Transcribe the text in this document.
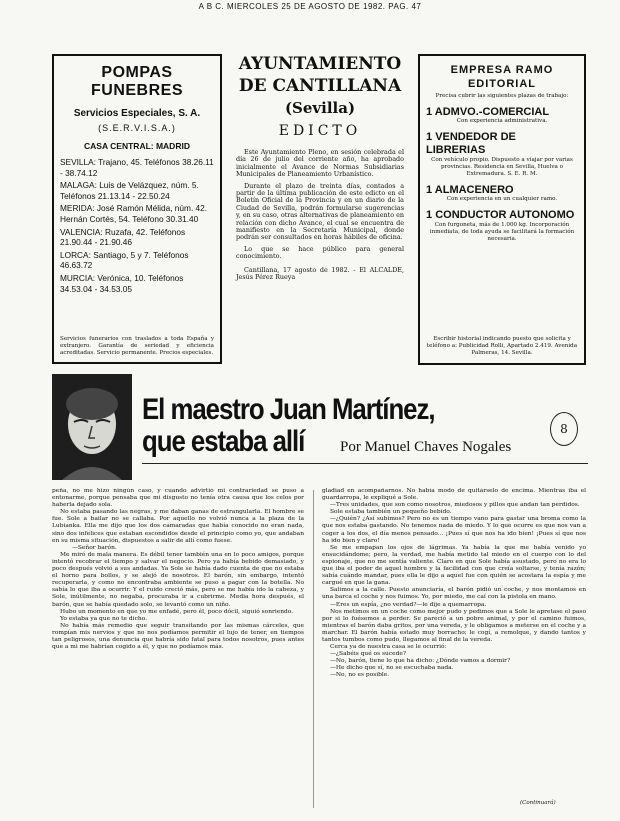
A B C. MIERCOLES 25 DE AGOSTO DE 1982. PAG. 47
POMPAS FUNEBRES
Servicios Especiales, S. A.
(S.E.R.V.I.S.A.)
CASA CENTRAL: MADRID

SEVILLA: Trajano, 45. Teléfonos 38.26.11 - 38.74.12

MALAGA: Luis de Velázquez, núm. 5. Teléfonos 21.13.14 - 22.50.24

MERIDA: José Ramón Mélida, núm. 42. Hernán Cortés, 54. Teléfono 30.31.40

VALENCIA: Ruzafa, 42. Teléfonos 21.90.44 - 21.90.46

LORCA: Santiago, 5 y 7. Teléfonos 46.63.72

MURCIA: Verónica, 10. Teléfonos 34.53.04 - 34.53.05

Servicios funerarios con traslados a toda España y extranjero. Garantía de seriedad y eficiencia acreditadas. Servicio permanente. Precios especiales.
AYUNTAMIENTO
DE CANTILLANA
(Sevilla)
EDICTO

Este Ayuntamiento Pleno, en sesión celebrada el día 26 de julio del corriente año, ha aprobado inicialmente el Avance de Normas Subsidiarias Municipales de Planeamiento Urbanístico.

Durante el plazo de treinta días, contados a partir de la última publicación de este edicto en el Boletín Oficial de la Provincia y en un diario de la Ciudad de Sevilla, podrán formularse sugerencias y, en su caso, otras alternativas de planeamiento en relación con dicho Avance, el cual se encuentra de manifiesto en la Secretaría Municipal, donde podrán ser consultados en horas hábiles de oficina.

Lo que se hace público para general conocimiento.

Cantillana, 17 agosto de 1982. - El ALCALDE, Jesús Pérez Rueya

EMPRESA RAMO
EDITORIAL
Precisa cubrir las siguientes plazas de trabajo:
1 ADMVO.-COMERCIAL
Con experiencia administrativa.
1 VENDEDOR DE LIBRERIAS
Con vehículo propio. Dispuesto a viajar por varias provincias. Residencia en Sevilla, Huelva o Extremadura. S. E. R. M.
1 ALMACENERO
Con experiencia en un cualquier ramo.
1 CONDUCTOR AUTONOMO
Con furgoneta, más de 1.000 kg. Incorporación inmediata, de toda ayuda se facilitará la formación necesaria.
Escribir historial indicando puesto que solicita y teléfono a: Publicidad Rolli, Apartado 2.419. Avenida Palmeras, 14. Sevilla.
El maestro Juan Martínez,
que estaba allí Por Manuel Chaves Nogales
8

peña, no me hizo ningún caso, y cuando advirtió mi contrariedad se puso a entonarme, porque pensaba que mi disgusto no tenía otra causa que los celos por haberla dejado sola.

No estaba pasando las negras, y me daban ganas de estrangularla. El hombre se fue. Sole a bailar no se callaba. Por aquello no volvió nunca a la plaza de la Lubianka. Ella me dijo que los dos camaradas que había conocido no eran nada, sino dos infelices que estaban escondidos desde el principio como yo, que andaban en su misma situación, dispuestos a salir de allí como fuese.

—Señor barón.

Me miró de mala manera. Es débil tener también una en lo poco amigos, porque intentó recobrar el tiempo y salvar el negocio. Pero ya había bebido demasiado, y poco después volvió a sus andadas. Ya Sole se había dado cuenta de que no estaba el horno para bollos, y se alejó de nosotros. El barón, sin embargo, intentó recuperarla, y como no encontraba ambiente se puso a pagar con la botella. No sabía lo que iba a ocurrir. Y el ruido creció más, pero se me había ido la cabeza, y Sole, inútilmente, no negaba, procuraba ir a cubrirme. Media hora después, el barón, que se había quedado solo, se levantó como un niño.

Hubo un momento en que yo me enfadé, pero él, poco dócil, siguió sonriendo.

Yo estaba ya que no te dicho.

No había más remedio que seguir transitando por las mismas cárceles, que rompían mis nervios y que no nos podíamos permitir el lujo de tener, en tiempos tan peligrosos, una denuncia que habría sido fatal para todos nosotros, pues antes que a mi me habrían cogido a él, y que no podíamos más.

gladiad en acompañarnos. No había modo de quitárselo de encima. Mientras iba el guardarropa, le expliqué a Sole.

—Tres unidades, que son como nosotros, miedosos y pillos que andan tan perdidos.

Sole estaba también un pequeño bebido.

—¿Quién? ¿Así subimos? Pero no es un tiempo vano para gastar una broma como la que nos estaba gastando. No tenemos nada de miedo. Y lo que ocurre es que nos van a coger a los dos, el día menos pensado... ¡Pues sí que nos ha ido bien! ¡Pues sí que nos ha ido bien y claro!

Se me empapan los ojos de lágrimas. Ya había la que me había venido yo ensucidándome; pero, la verdad, me había metido tal miedo en el cuerpo con lo del espionaje, que no me sentía valiente. Claro en que Sole había asustado, pero no era lo que iba el poder de aquel hombre y la facilidad con que creía soltarse, y tenía razón; sabía cuándo mandar, pues ella le dijo a aquel fue con quién se acostara la espía y me cargué en que la gana.

Salimos a la calle. Puesto anunciaría, el barón pidió un coche, y nos montamos en una barca el coche y nos fuimos. Yo, por miedo, me caí con la pistola en mano.

—Eres un espía, ¿no verdad?—le dije a quemarropa.

Nos metimos en un coche como mejor pudo y pedimos que a Sole le apretase el paso por si lo fuésemos a perder. Se pareció a un pobre animal, y por el camino fuimos, mientras el barón daba gritos, por una vereda, y le obligamos a meterse en el coche y a marchar. El barón había estado muy borracho; le cogí, a remolque, y dando tantos y tantos tumbos como pudo, llegamos al final de la vereda.

Cerca ya de nuestra casa se le ocurrió:

—¿Sabéis qué os sucede?

—No, barón, tiene lo que ha dicho: ¿Dónde vamos a dormir?

—He dicho que sí, no se escuchaba nada.

—No, no es posible.

(Continuará)
